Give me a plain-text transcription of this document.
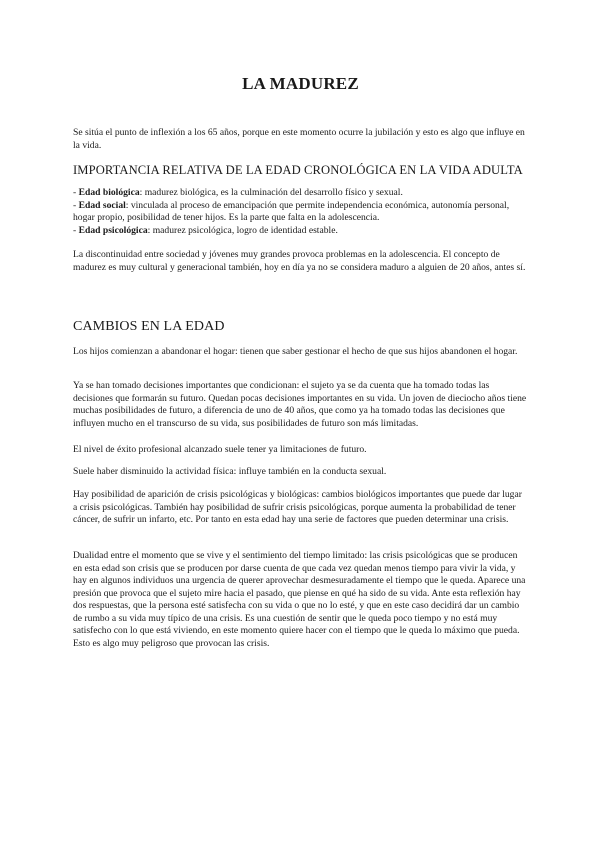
LA MADUREZ

Se sitúa el punto de inflexión a los 65 años, porque en este momento ocurre la jubilación y esto es algo que influye en la vida.

IMPORTANCIA RELATIVA DE LA EDAD CRONOLÓGICA EN LA VIDA ADULTA
- Edad biológica: madurez biológica, es la culminación del desarrollo físico y sexual.
- Edad social: vinculada al proceso de emancipación que permite independencia económica, autonomía personal, hogar propio, posibilidad de tener hijos. Es la parte que falta en la adolescencia.
- Edad psicológica: madurez psicológica, logro de identidad estable.

La discontinuidad entre sociedad y jóvenes muy grandes provoca problemas en la adolescencia. El concepto de madurez es muy cultural y generacional también, hoy en día ya no se considera maduro a alguien de 20 años, antes sí.

CAMBIOS EN LA EDAD

Los hijos comienzan a abandonar el hogar: tienen que saber gestionar el hecho de que sus hijos abandonen el hogar.

Ya se han tomado decisiones importantes que condicionan: el sujeto ya se da cuenta que ha tomado todas las decisiones que formarán su futuro. Quedan pocas decisiones importantes en su vida. Un joven de dieciocho años tiene muchas posibilidades de futuro, a diferencia de uno de 40 años, que como ya ha tomado todas las decisiones que influyen mucho en el transcurso de su vida, sus posibilidades de futuro son más limitadas.

El nivel de éxito profesional alcanzado suele tener ya limitaciones de futuro.

Suele haber disminuido la actividad física: influye también en la conducta sexual.

Hay posibilidad de aparición de crisis psicológicas y biológicas: cambios biológicos importantes que puede dar lugar a crisis psicológicas. También hay posibilidad de sufrir crisis psicológicas, porque aumenta la probabilidad de tener cáncer, de sufrir un infarto, etc. Por tanto en esta edad hay una serie de factores que pueden determinar una crisis.

Dualidad entre el momento que se vive y el sentimiento del tiempo limitado: las crisis psicológicas que se producen en esta edad son crisis que se producen por darse cuenta de que cada vez quedan menos tiempo para vivir la vida, y hay en algunos individuos una urgencia de querer aprovechar desmesuradamente el tiempo que le queda. Aparece una presión que provoca que el sujeto mire hacia el pasado, que piense en qué ha sido de su vida. Ante esta reflexión hay dos respuestas, que la persona esté satisfecha con su vida o que no lo esté, y que en este caso decidirá dar un cambio de rumbo a su vida muy típico de una crisis. Es una cuestión de sentir que le queda poco tiempo y no está muy satisfecho con lo que está viviendo, en este momento quiere hacer con el tiempo que le queda lo máximo que pueda. Esto es algo muy peligroso que provocan las crisis.
